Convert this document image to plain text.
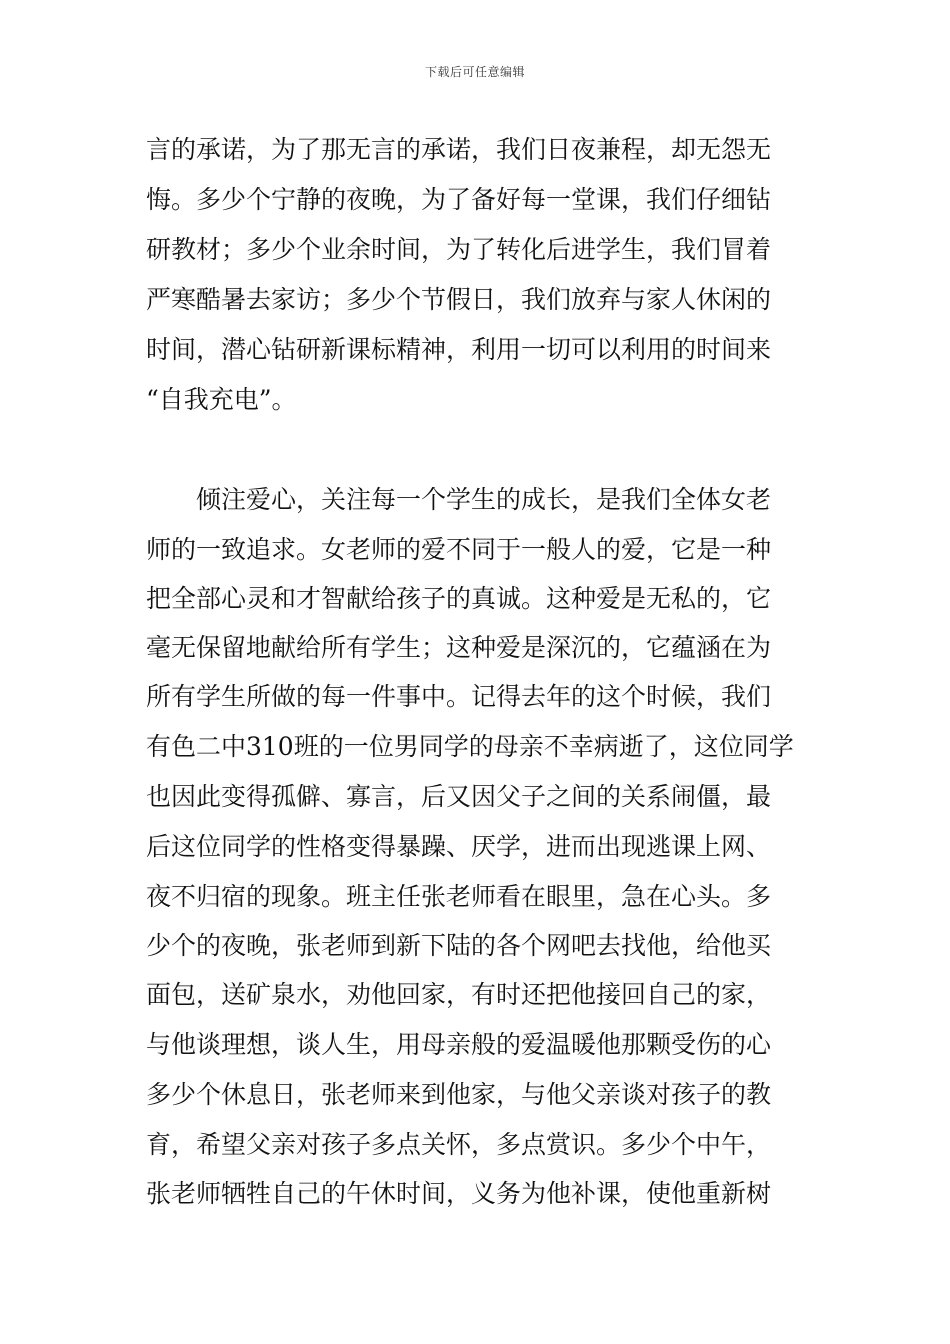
下载后可任意编辑
言的承诺，为了那无言的承诺，我们日夜兼程，却无怨无
悔。多少个宁静的夜晚，为了备好每一堂课，我们仔细钻
研教材；多少个业余时间，为了转化后进学生，我们冒着
严寒酷暑去家访；多少个节假日，我们放弃与家人休闲的
时间，潜心钻研新课标精神，利用一切可以利用的时间来
“自我充电”。
倾注爱心，关注每一个学生的成长，是我们全体女老
师的一致追求。女老师的爱不同于一般人的爱，它是一种
把全部心灵和才智献给孩子的真诚。这种爱是无私的，它
毫无保留地献给所有学生；这种爱是深沉的，它蕴涵在为
所有学生所做的每一件事中。记得去年的这个时候，我们
有色二中310班的一位男同学的母亲不幸病逝了，这位同学
也因此变得孤僻、寡言，后又因父子之间的关系闹僵，最
后这位同学的性格变得暴躁、厌学，进而出现逃课上网、
夜不归宿的现象。班主任张老师看在眼里，急在心头。多
少个的夜晚，张老师到新下陆的各个网吧去找他，给他买
面包，送矿泉水，劝他回家，有时还把他接回自己的家，
与他谈理想，谈人生，用母亲般的爱温暖他那颗受伤的心
多少个休息日，张老师来到他家，与他父亲谈对孩子的教
育，希望父亲对孩子多点关怀，多点赏识。多少个中午，
张老师牺牲自己的午休时间，义务为他补课，使他重新树
